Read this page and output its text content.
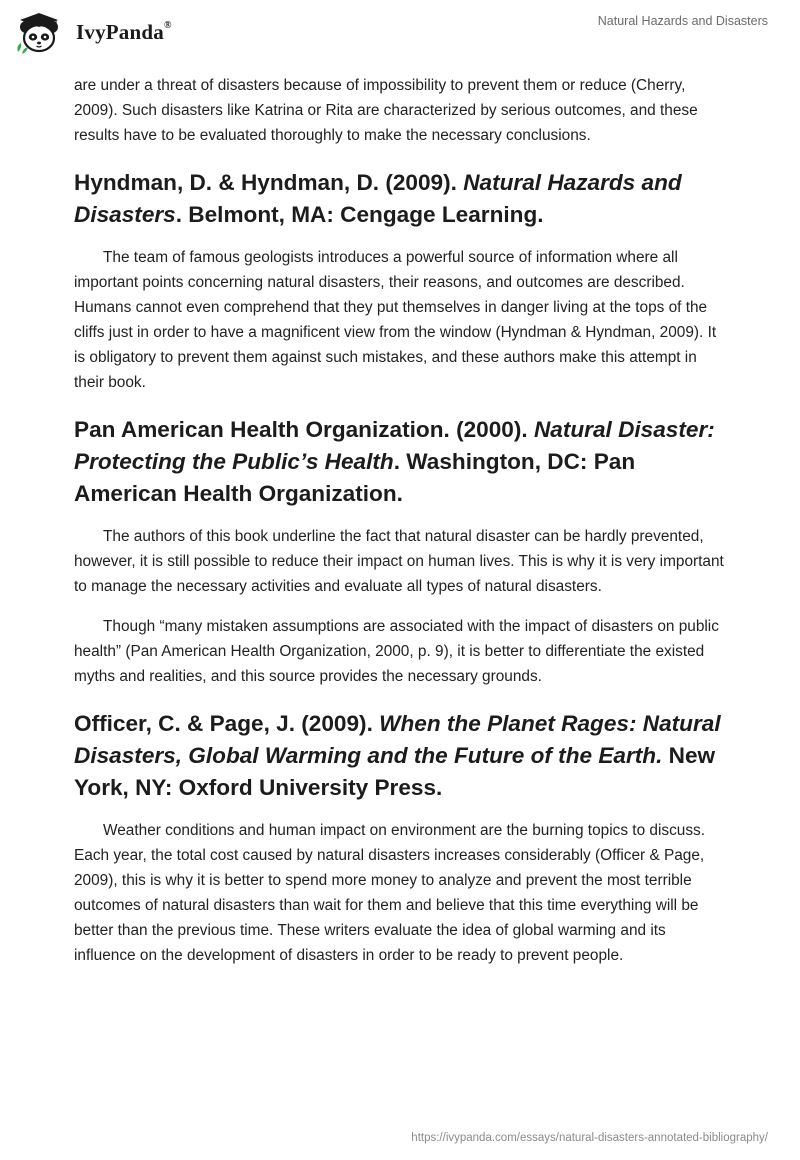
IvyPanda®	Natural Hazards and Disasters

are under a threat of disasters because of impossibility to prevent them or reduce (Cherry, 2009). Such disasters like Katrina or Rita are characterized by serious outcomes, and these results have to be evaluated thoroughly to make the necessary conclusions.

Hyndman, D. & Hyndman, D. (2009). Natural Hazards and Disasters. Belmont, MA: Cengage Learning.

The team of famous geologists introduces a powerful source of information where all important points concerning natural disasters, their reasons, and outcomes are described. Humans cannot even comprehend that they put themselves in danger living at the tops of the cliffs just in order to have a magnificent view from the window (Hyndman & Hyndman, 2009). It is obligatory to prevent them against such mistakes, and these authors make this attempt in their book.

Pan American Health Organization. (2000). Natural Disaster: Protecting the Public’s Health. Washington, DC: Pan American Health Organization.

The authors of this book underline the fact that natural disaster can be hardly prevented, however, it is still possible to reduce their impact on human lives. This is why it is very important to manage the necessary activities and evaluate all types of natural disasters.

Though “many mistaken assumptions are associated with the impact of disasters on public health” (Pan American Health Organization, 2000, p. 9), it is better to differentiate the existed myths and realities, and this source provides the necessary grounds.

Officer, C. & Page, J. (2009). When the Planet Rages: Natural Disasters, Global Warming and the Future of the Earth. New York, NY: Oxford University Press.

Weather conditions and human impact on environment are the burning topics to discuss. Each year, the total cost caused by natural disasters increases considerably (Officer & Page, 2009), this is why it is better to spend more money to analyze and prevent the most terrible outcomes of natural disasters than wait for them and believe that this time everything will be better than the previous time. These writers evaluate the idea of global warming and its influence on the development of disasters in order to be ready to prevent people.

https://ivypanda.com/essays/natural-disasters-annotated-bibliography/
